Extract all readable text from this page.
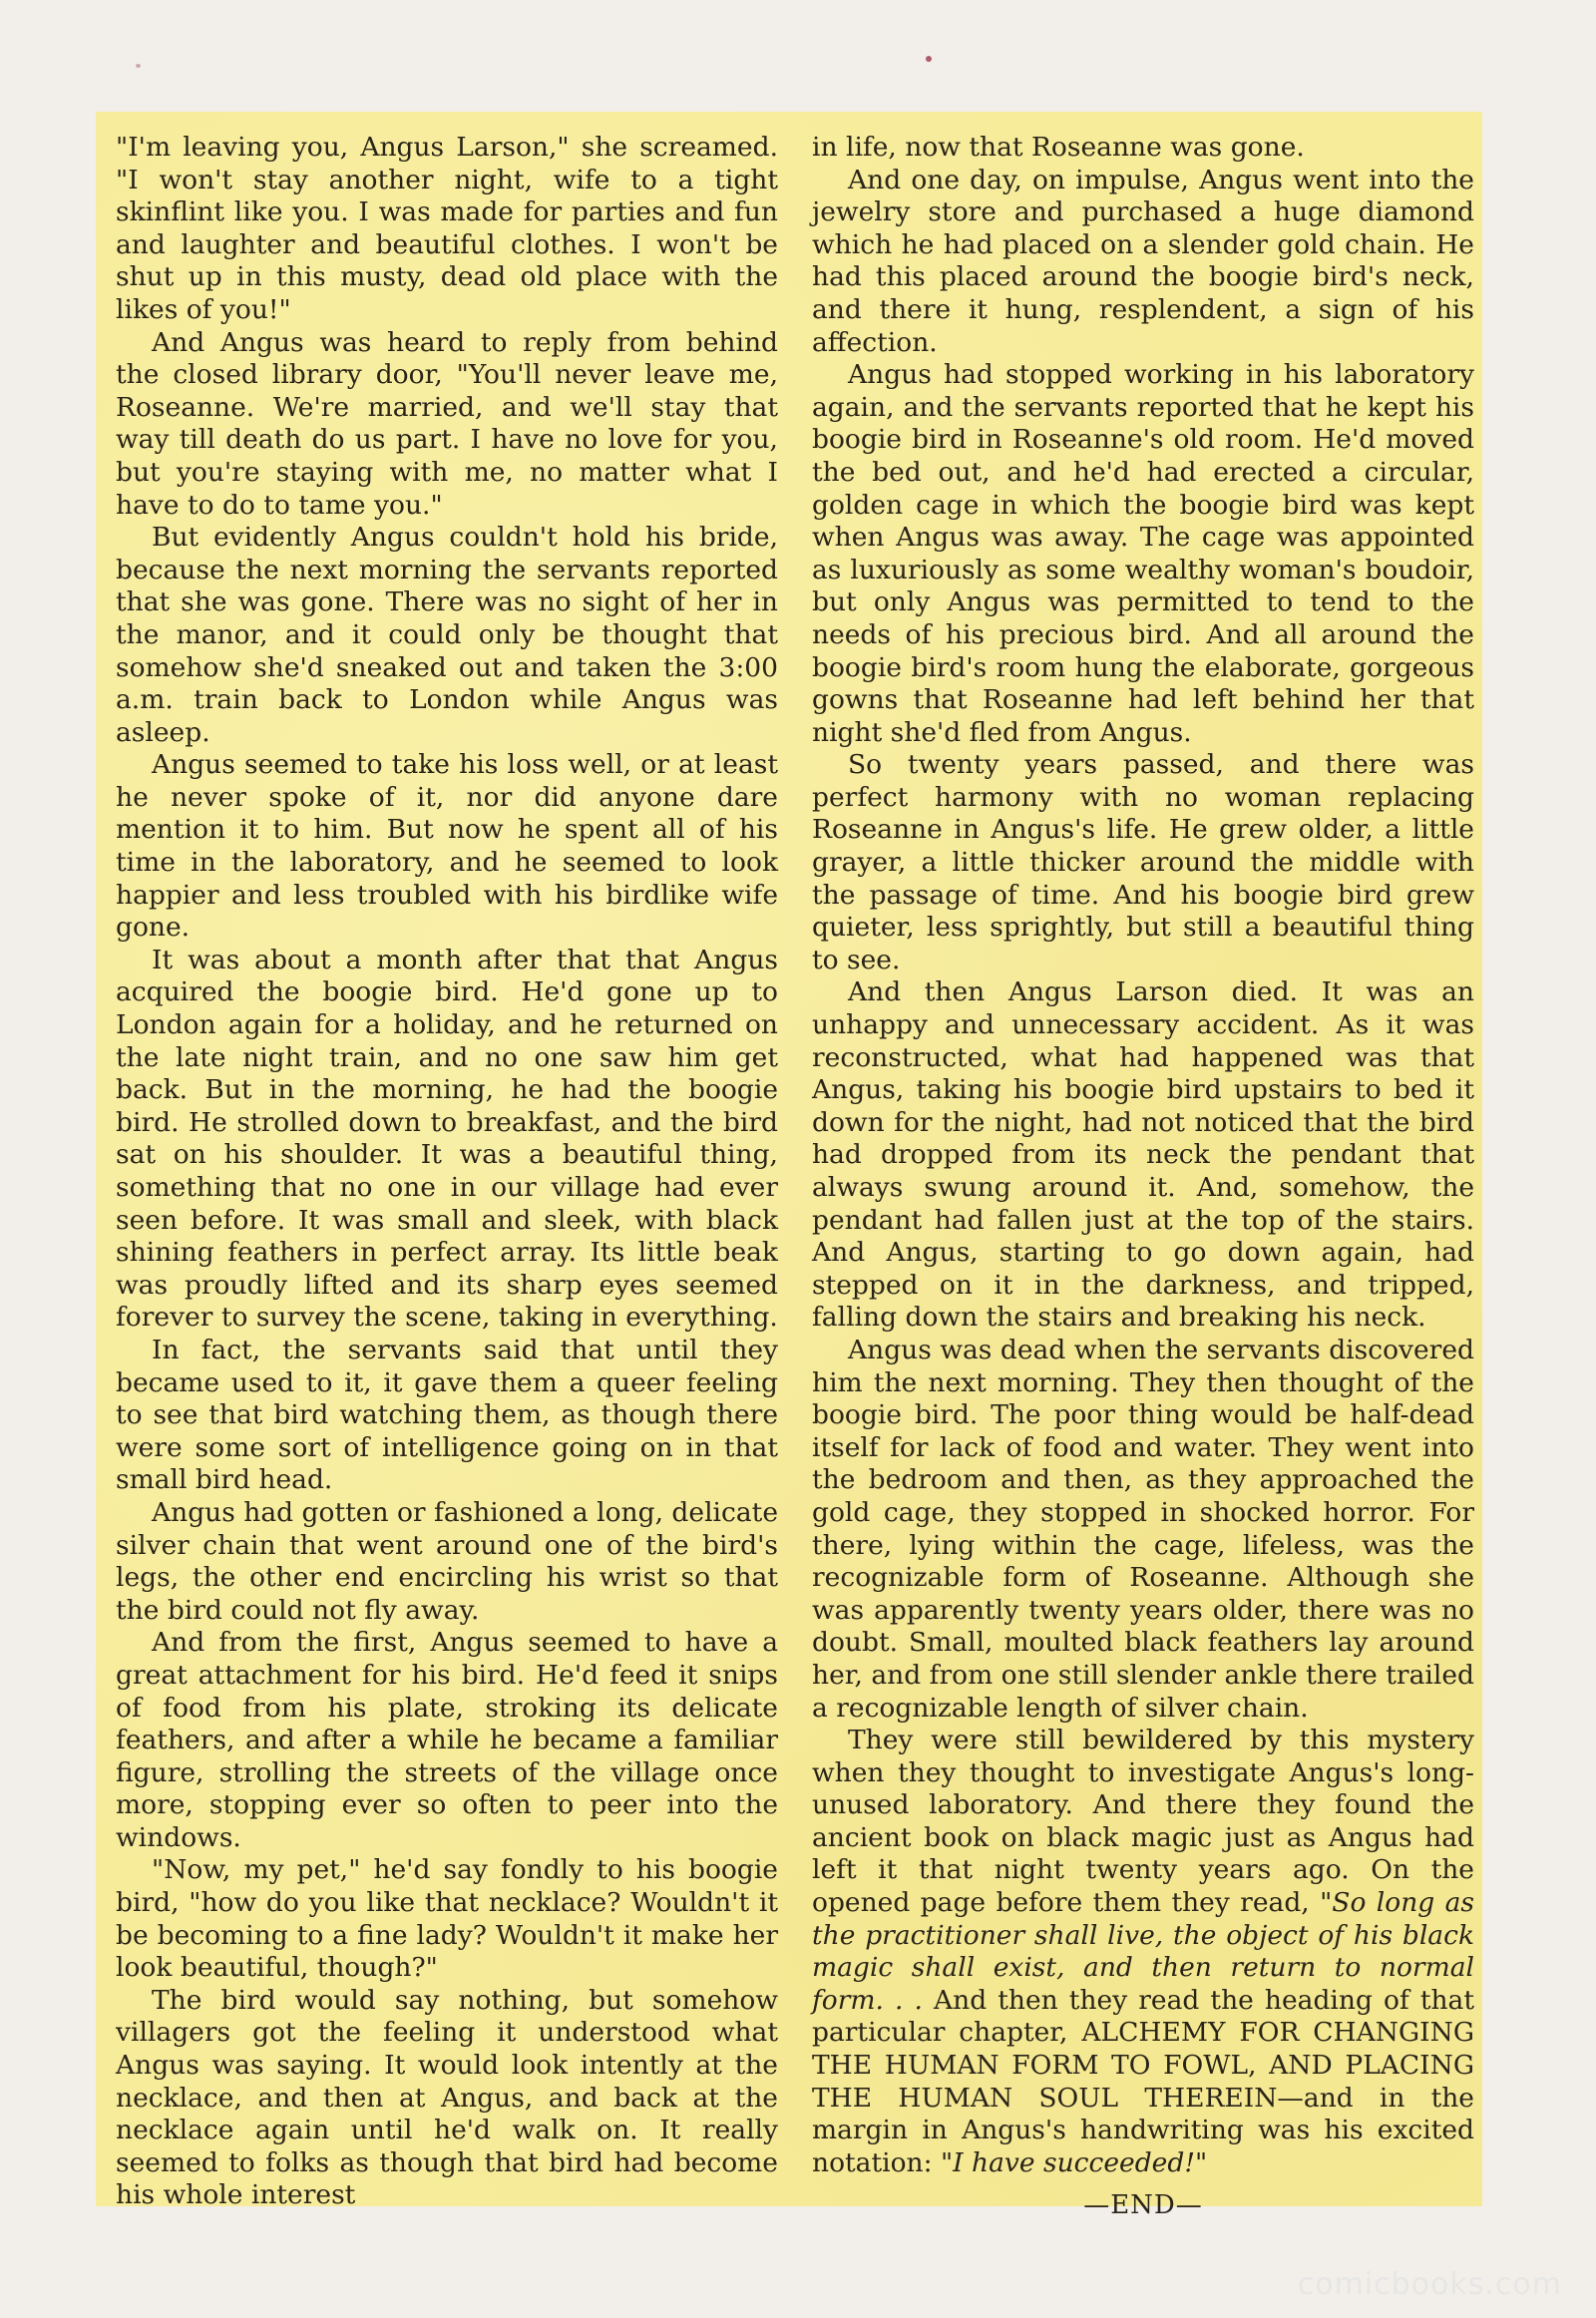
"I'm leaving you, Angus Larson," she screamed. "I won't stay another night, wife to a tight skinflint like you. I was made for parties and fun and laughter and beautiful clothes. I won't be shut up in this musty, dead old place with the likes of you!"

And Angus was heard to reply from behind the closed library door, "You'll never leave me, Roseanne. We're married, and we'll stay that way till death do us part. I have no love for you, but you're staying with me, no matter what I have to do to tame you."

But evidently Angus couldn't hold his bride, because the next morning the servants reported that she was gone. There was no sight of her in the manor, and it could only be thought that somehow she'd sneaked out and taken the 3:00 a.m. train back to London while Angus was asleep.

Angus seemed to take his loss well, or at least he never spoke of it, nor did anyone dare mention it to him. But now he spent all of his time in the laboratory, and he seemed to look happier and less troubled with his birdlike wife gone.

It was about a month after that that Angus acquired the boogie bird. He'd gone up to London again for a holiday, and he returned on the late night train, and no one saw him get back. But in the morning, he had the boogie bird. He strolled down to breakfast, and the bird sat on his shoulder. It was a beautiful thing, something that no one in our village had ever seen before. It was small and sleek, with black shining feathers in perfect array. Its little beak was proudly lifted and its sharp eyes seemed forever to survey the scene, taking in everything.

In fact, the servants said that until they became used to it, it gave them a queer feeling to see that bird watching them, as though there were some sort of intelligence going on in that small bird head.

Angus had gotten or fashioned a long, delicate silver chain that went around one of the bird's legs, the other end encircling his wrist so that the bird could not fly away.

And from the first, Angus seemed to have a great attachment for his bird. He'd feed it snips of food from his plate, stroking its delicate feathers, and after a while he became a familiar figure, strolling the streets of the village once more, stopping ever so often to peer into the windows.

"Now, my pet," he'd say fondly to his boogie bird, "how do you like that necklace? Wouldn't it be becoming to a fine lady? Wouldn't it make her look beautiful, though?"

The bird would say nothing, but somehow villagers got the feeling it understood what Angus was saying. It would look intently at the necklace, and then at Angus, and back at the necklace again until he'd walk on. It really seemed to folks as though that bird had become his whole interest

in life, now that Roseanne was gone.

And one day, on impulse, Angus went into the jewelry store and purchased a huge diamond which he had placed on a slender gold chain. He had this placed around the boogie bird's neck, and there it hung, resplendent, a sign of his affection.

Angus had stopped working in his laboratory again, and the servants reported that he kept his boogie bird in Roseanne's old room. He'd moved the bed out, and he'd had erected a circular, golden cage in which the boogie bird was kept when Angus was away. The cage was appointed as luxuriously as some wealthy woman's boudoir, but only Angus was permitted to tend to the needs of his precious bird. And all around the boogie bird's room hung the elaborate, gorgeous gowns that Roseanne had left behind her that night she'd fled from Angus.

So twenty years passed, and there was perfect harmony with no woman replacing Roseanne in Angus's life. He grew older, a little grayer, a little thicker around the middle with the passage of time. And his boogie bird grew quieter, less sprightly, but still a beautiful thing to see.

And then Angus Larson died. It was an unhappy and unnecessary accident. As it was reconstructed, what had happened was that Angus, taking his boogie bird upstairs to bed it down for the night, had not noticed that the bird had dropped from its neck the pendant that always swung around it. And, somehow, the pendant had fallen just at the top of the stairs. And Angus, starting to go down again, had stepped on it in the darkness, and tripped, falling down the stairs and breaking his neck.

Angus was dead when the servants discovered him the next morning. They then thought of the boogie bird. The poor thing would be half-dead itself for lack of food and water. They went into the bedroom and then, as they approached the gold cage, they stopped in shocked horror. For there, lying within the cage, lifeless, was the recognizable form of Roseanne. Although she was apparently twenty years older, there was no doubt. Small, moulted black feathers lay around her, and from one still slender ankle there trailed a recognizable length of silver chain.

They were still bewildered by this mystery when they thought to investigate Angus's long-unused laboratory. And there they found the ancient book on black magic just as Angus had left it that night twenty years ago. On the opened page before them they read, "So long as the practitioner shall live, the object of his black magic shall exist, and then return to normal form. . . And then they read the heading of that particular chapter, ALCHEMY FOR CHANGING THE HUMAN FORM TO FOWL, AND PLACING THE HUMAN SOUL THEREIN—and in the margin in Angus's handwriting was his excited notation: "I have succeeded!"

—END—
comicbooks.com
